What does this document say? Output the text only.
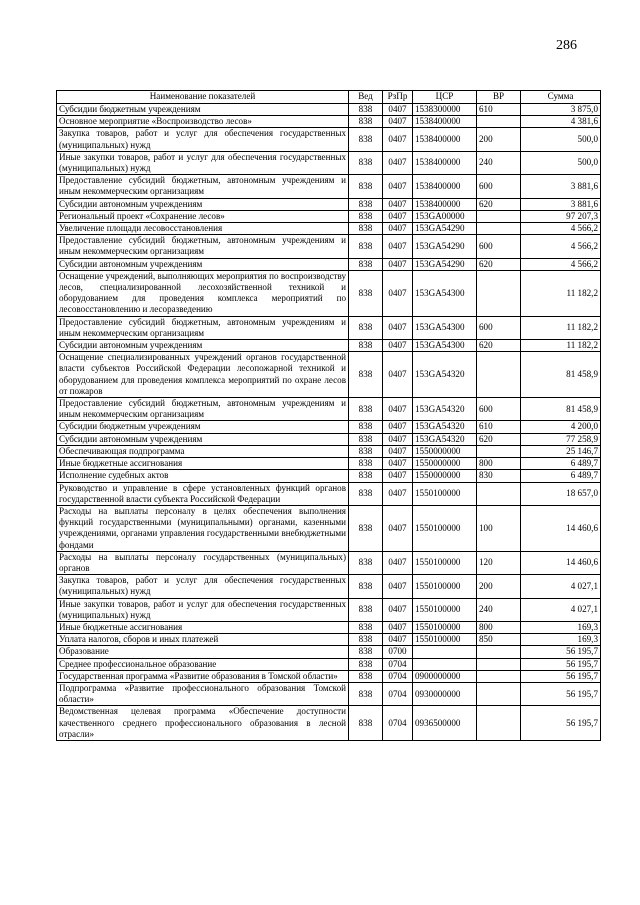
286
Наименование показателей	Вед	РзПр	ЦСР	ВР	Сумма
Субсидии бюджетным учреждениям	838	0407	1538300000	610	3 875,0
Основное мероприятие «Воспроизводство лесов»	838	0407	1538400000		4 381,6
Закупка товаров, работ и услуг для обеспечения государственных (муниципальных) нужд	838	0407	1538400000	200	500,0
Иные закупки товаров, работ и услуг для обеспечения государственных (муниципальных) нужд	838	0407	1538400000	240	500,0
Предоставление субсидий бюджетным, автономным учреждениям и иным некоммерческим организациям	838	0407	1538400000	600	3 881,6
Субсидии автономным учреждениям	838	0407	1538400000	620	3 881,6
Региональный проект «Сохранение лесов»	838	0407	153GA00000		97 207,3
Увеличение площади лесовосстановления	838	0407	153GA54290		4 566,2
Предоставление субсидий бюджетным, автономным учреждениям и иным некоммерческим организациям	838	0407	153GA54290	600	4 566,2
Субсидии автономным учреждениям	838	0407	153GA54290	620	4 566,2
Оснащение учреждений, выполняющих мероприятия по воспроизводству лесов, специализированной лесохозяйственной техникой и оборудованием для проведения комплекса мероприятий по лесовосстановлению и лесоразведению	838	0407	153GA54300		11 182,2
Предоставление субсидий бюджетным, автономным учреждениям и иным некоммерческим организациям	838	0407	153GA54300	600	11 182,2
Субсидии автономным учреждениям	838	0407	153GA54300	620	11 182,2
Оснащение специализированных учреждений органов государственной власти субъектов Российской Федерации лесопожарной техникой и оборудованием для проведения комплекса мероприятий по охране лесов от пожаров	838	0407	153GA54320		81 458,9
Предоставление субсидий бюджетным, автономным учреждениям и иным некоммерческим организациям	838	0407	153GA54320	600	81 458,9
Субсидии бюджетным учреждениям	838	0407	153GA54320	610	4 200,0
Субсидии автономным учреждениям	838	0407	153GA54320	620	77 258,9
Обеспечивающая подпрограмма	838	0407	1550000000		25 146,7
Иные бюджетные ассигнования	838	0407	1550000000	800	6 489,7
Исполнение судебных актов	838	0407	1550000000	830	6 489,7
Руководство и управление в сфере установленных функций органов государственной власти субъекта Российской Федерации	838	0407	1550100000		18 657,0
Расходы на выплаты персоналу в целях обеспечения выполнения функций государственными (муниципальными) органами, казенными учреждениями, органами управления государственными внебюджетными фондами	838	0407	1550100000	100	14 460,6
Расходы на выплаты персоналу государственных (муниципальных) органов	838	0407	1550100000	120	14 460,6
Закупка товаров, работ и услуг для обеспечения государственных (муниципальных) нужд	838	0407	1550100000	200	4 027,1
Иные закупки товаров, работ и услуг для обеспечения государственных (муниципальных) нужд	838	0407	1550100000	240	4 027,1
Иные бюджетные ассигнования	838	0407	1550100000	800	169,3
Уплата налогов, сборов и иных платежей	838	0407	1550100000	850	169,3
Образование	838	0700			56 195,7
Среднее профессиональное образование	838	0704			56 195,7
Государственная программа «Развитие образования в Томской области»	838	0704	0900000000		56 195,7
Подпрограмма «Развитие профессионального образования Томской области»	838	0704	0930000000		56 195,7
Ведомственная целевая программа «Обеспечение доступности качественного среднего профессионального образования в лесной отрасли»	838	0704	0936500000		56 195,7
